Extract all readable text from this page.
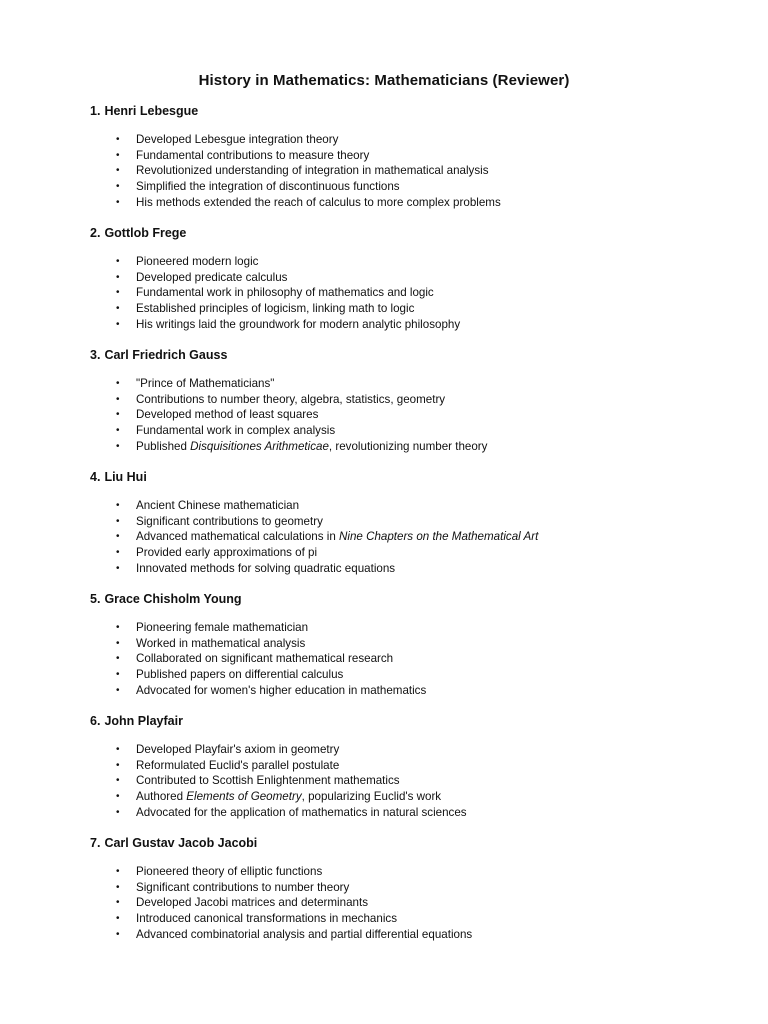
History in Mathematics: Mathematicians (Reviewer)
1. Henri Lebesgue
• Developed Lebesgue integration theory
• Fundamental contributions to measure theory
• Revolutionized understanding of integration in mathematical analysis
• Simplified the integration of discontinuous functions
• His methods extended the reach of calculus to more complex problems
2. Gottlob Frege
• Pioneered modern logic
• Developed predicate calculus
• Fundamental work in philosophy of mathematics and logic
• Established principles of logicism, linking math to logic
• His writings laid the groundwork for modern analytic philosophy
3. Carl Friedrich Gauss
• "Prince of Mathematicians"
• Contributions to number theory, algebra, statistics, geometry
• Developed method of least squares
• Fundamental work in complex analysis
• Published Disquisitiones Arithmeticae, revolutionizing number theory
4. Liu Hui
• Ancient Chinese mathematician
• Significant contributions to geometry
• Advanced mathematical calculations in Nine Chapters on the Mathematical Art
• Provided early approximations of pi
• Innovated methods for solving quadratic equations
5. Grace Chisholm Young
• Pioneering female mathematician
• Worked in mathematical analysis
• Collaborated on significant mathematical research
• Published papers on differential calculus
• Advocated for women's higher education in mathematics
6. John Playfair
• Developed Playfair's axiom in geometry
• Reformulated Euclid's parallel postulate
• Contributed to Scottish Enlightenment mathematics
• Authored Elements of Geometry, popularizing Euclid's work
• Advocated for the application of mathematics in natural sciences
7. Carl Gustav Jacob Jacobi
• Pioneered theory of elliptic functions
• Significant contributions to number theory
• Developed Jacobi matrices and determinants
• Introduced canonical transformations in mechanics
• Advanced combinatorial analysis and partial differential equations
